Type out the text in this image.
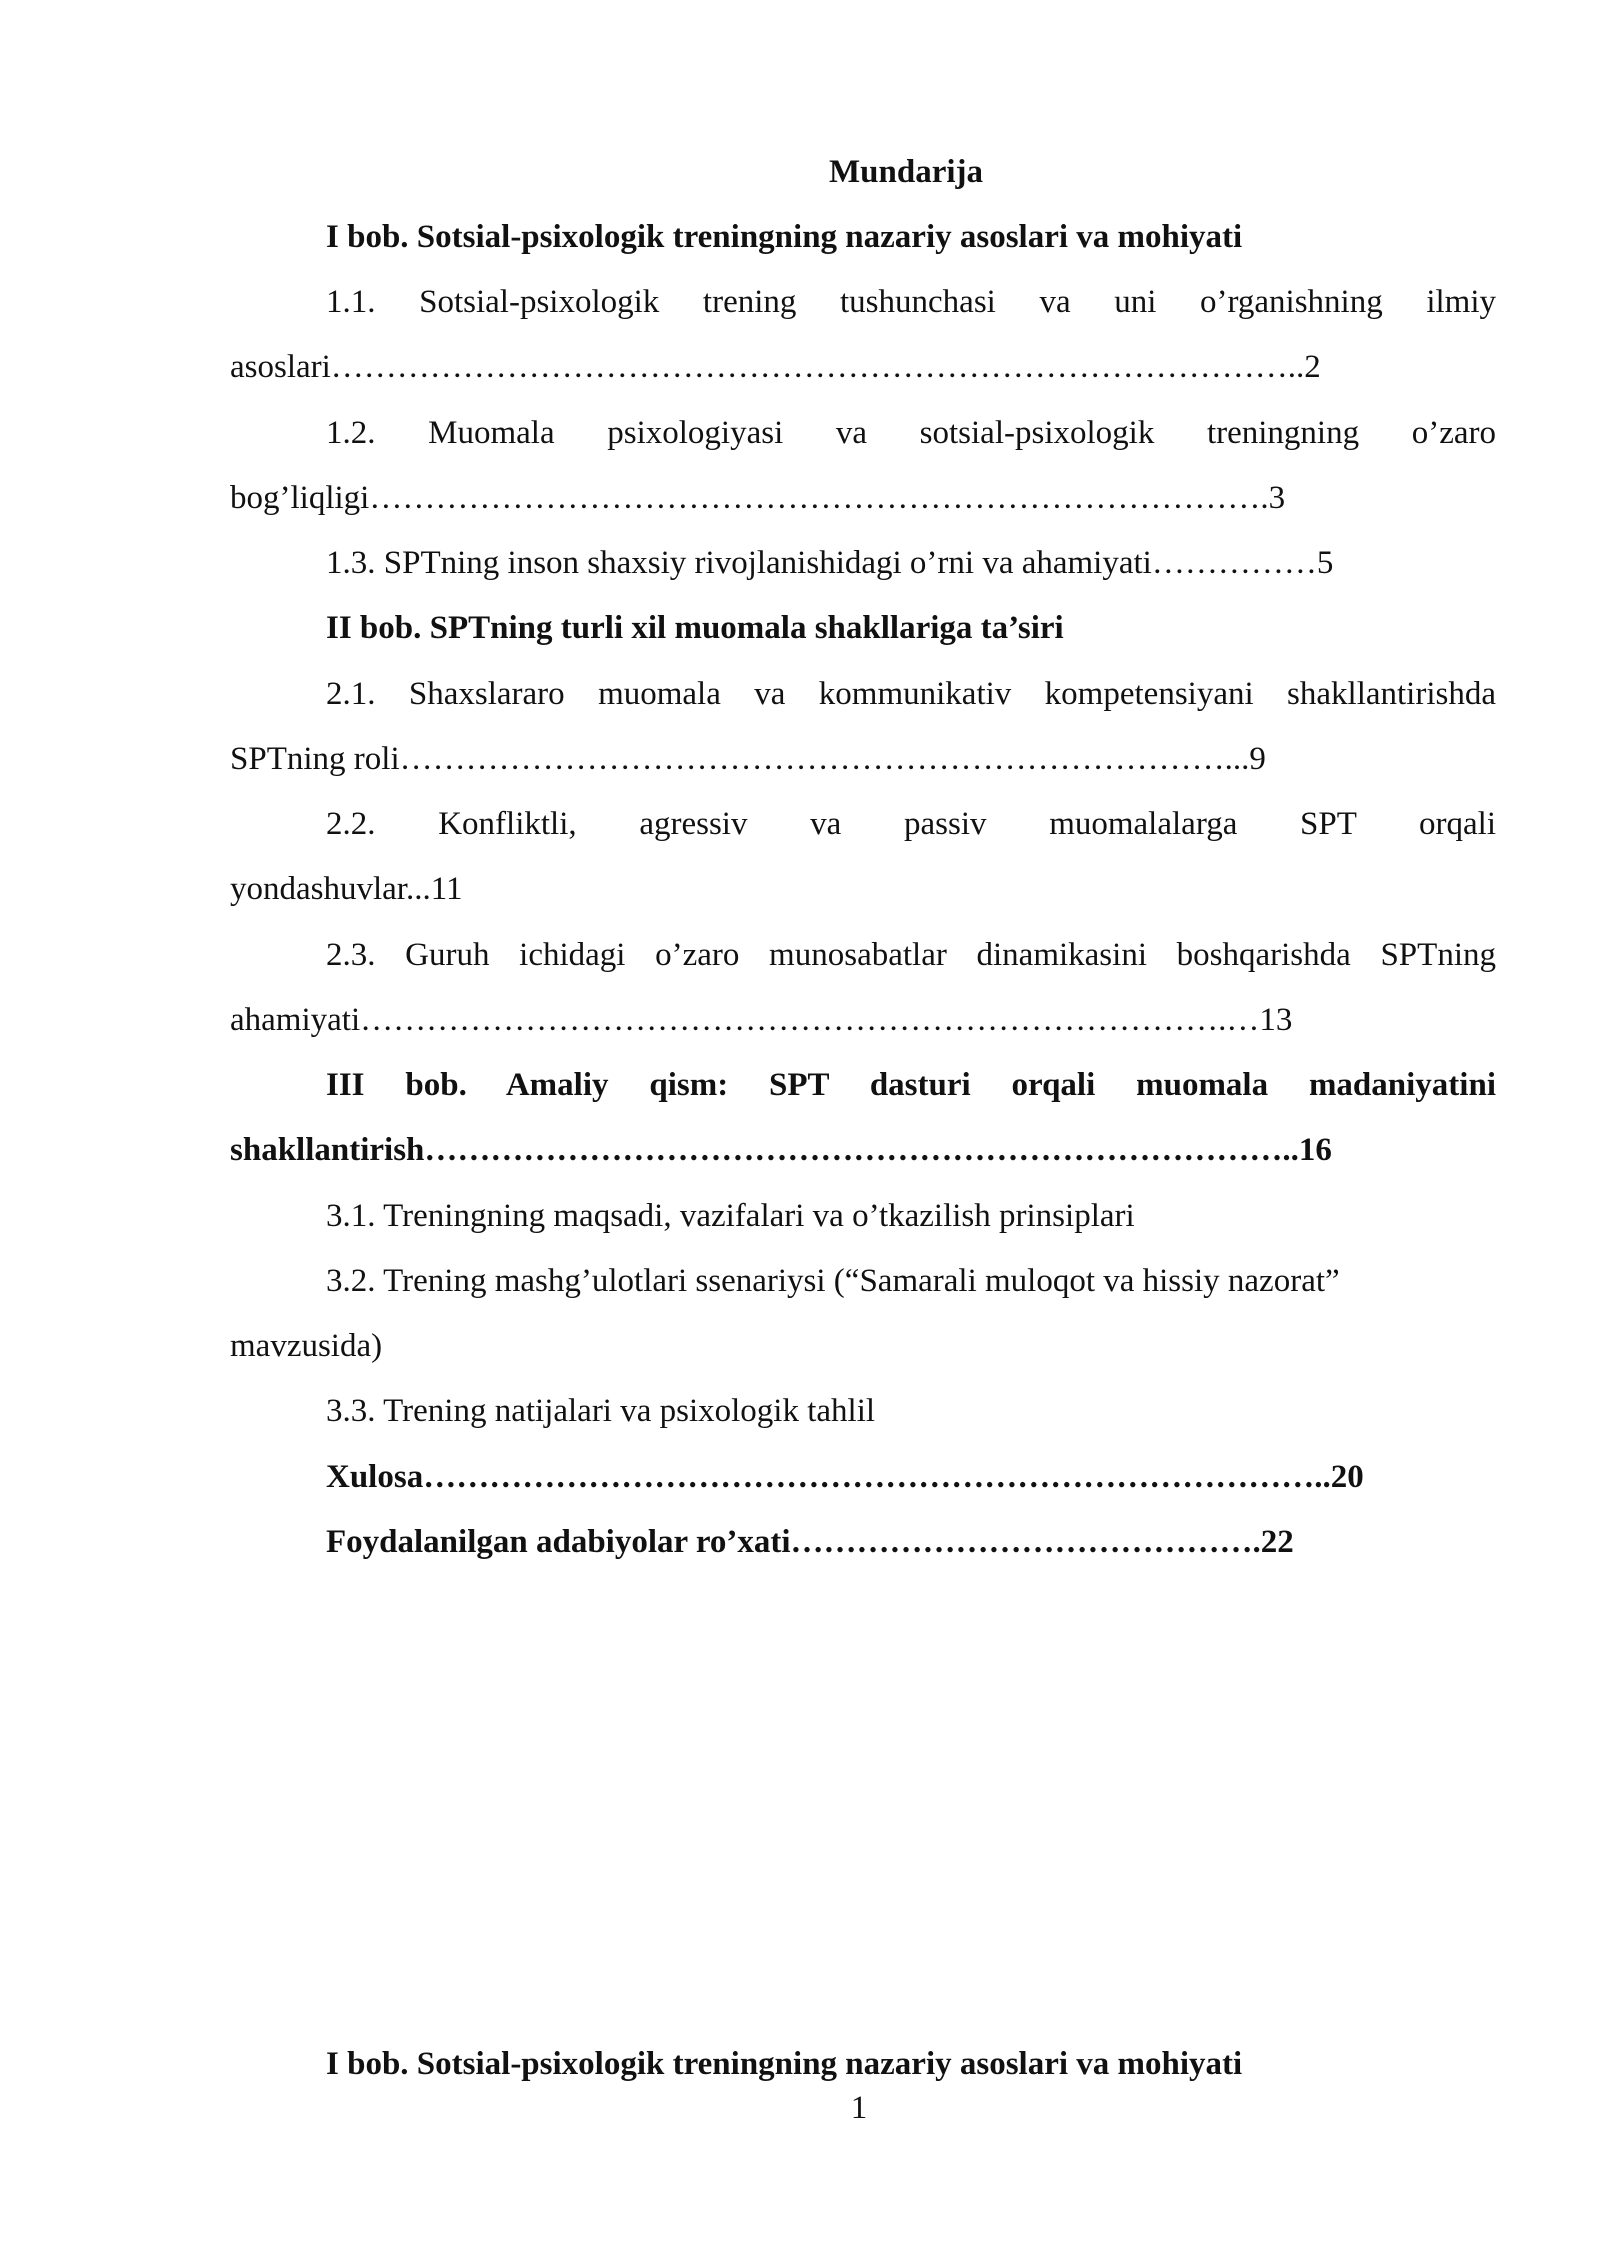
Mundarija
I bob. Sotsial-psixologik treningning nazariy asoslari va mohiyati
1.1. Sotsial-psixologik trening tushunchasi va uni o’rganishning ilmiy
asoslari……………………………………………………………………………..2
1.2. Muomala psixologiyasi va sotsial-psixologik treningning o’zaro
bog’liqligi……………………………………………………………………….3
1.3. SPTning inson shaxsiy rivojlanishidagi o’rni va ahamiyati……………5
II bob. SPTning turli xil muomala shakllariga ta’siri
2.1. Shaxslararo muomala va kommunikativ kompetensiyani shakllantirishda
SPTning roli…………………………………………………………………...9
2.2. Konfliktli, agressiv va passiv muomalalarga SPT orqali
yondashuvlar...11
2.3. Guruh ichidagi o’zaro munosabatlar dinamikasini boshqarishda SPTning
ahamiyati…………………………………………………………………….…13
III bob. Amaliy qism: SPT dasturi orqali muomala madaniyatini
shakllantirish……………………………………………………………………..16
3.1. Treningning maqsadi, vazifalari va o’tkazilish prinsiplari
3.2. Trening mashg’ulotlari ssenariysi (“Samarali muloqot va hissiy nazorat”
mavzusida)
3.3. Trening natijalari va psixologik tahlil
Xulosa………………………………………………………………………..20
Foydalanilgan adabiyolar ro’xati…………………………………….22
I bob. Sotsial-psixologik treningning nazariy asoslari va mohiyati
1
